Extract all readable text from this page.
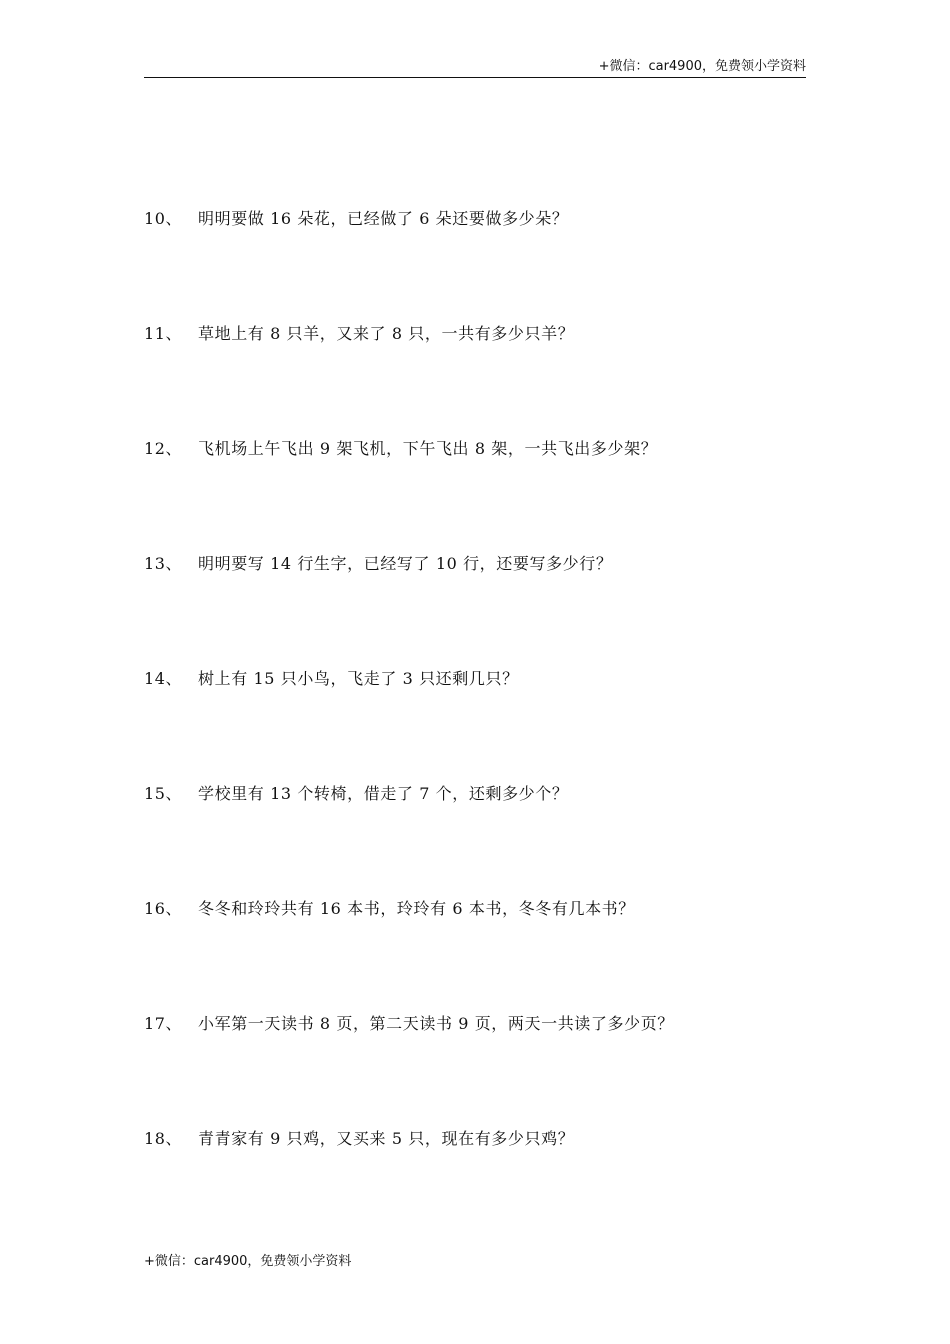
+微信：car4900，免费领小学资料
10、 明明要做 16 朵花，已经做了 6 朵还要做多少朵？
11、 草地上有 8 只羊，又来了 8 只，一共有多少只羊？
12、 飞机场上午飞出 9 架飞机，下午飞出 8 架，一共飞出多少架？
13、 明明要写 14 行生字，已经写了 10 行，还要写多少行？
14、 树上有 15 只小鸟，飞走了 3 只还剩几只？
15、 学校里有 13 个转椅，借走了 7 个，还剩多少个？
16、 冬冬和玲玲共有 16 本书，玲玲有 6 本书，冬冬有几本书？
17、 小军第一天读书 8 页，第二天读书 9 页，两天一共读了多少页？
18、 青青家有 9 只鸡，又买来 5 只，现在有多少只鸡？
+微信：car4900，免费领小学资料
